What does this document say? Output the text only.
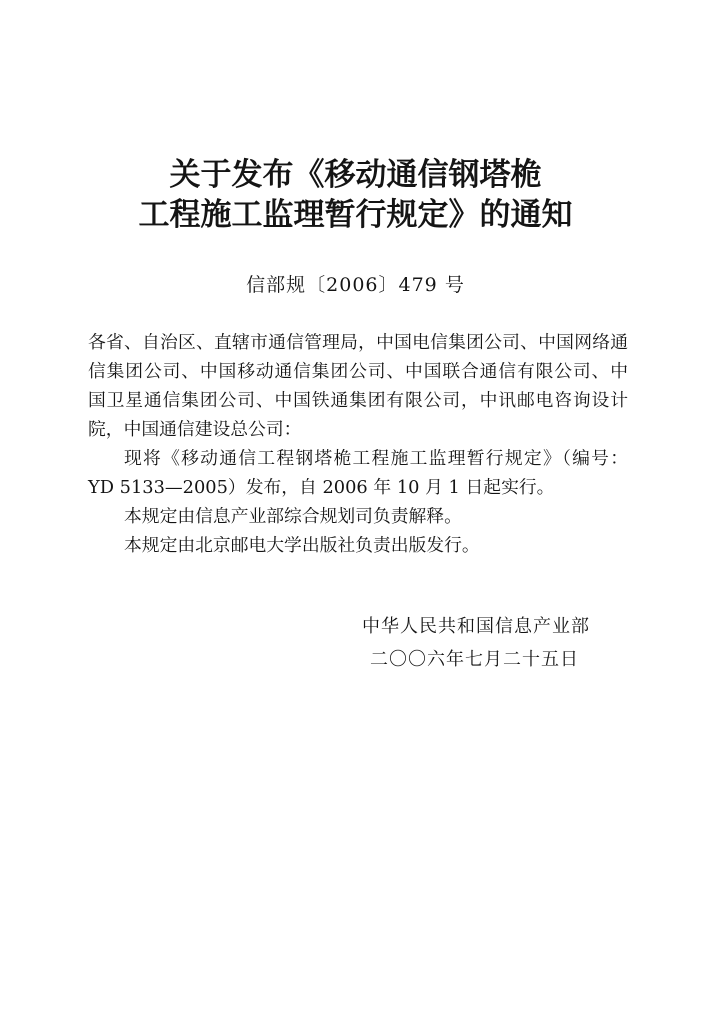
关于发布《移动通信钢塔桅
工程施工监理暂行规定》的通知
信部规〔2006〕479 号
各省、自治区、直辖市通信管理局，中国电信集团公司、中国网络通
信集团公司、中国移动通信集团公司、中国联合通信有限公司、中
国卫星通信集团公司、中国铁通集团有限公司，中讯邮电咨询设计
院，中国通信建设总公司：
现将《移动通信工程钢塔桅工程施工监理暂行规定》（编号：
YD 5133—2005）发布，自 2006 年 10 月 1 日起实行。
本规定由信息产业部综合规划司负责解释。
本规定由北京邮电大学出版社负责出版发行。
中华人民共和国信息产业部
二〇〇六年七月二十五日
